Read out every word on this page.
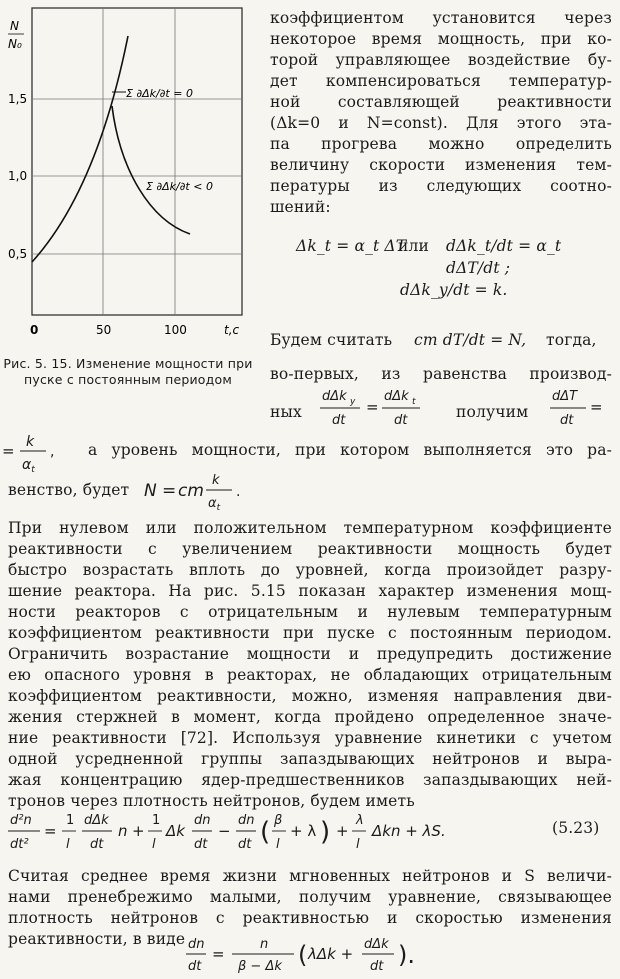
N
N₀
1,5
1,0
0,5
0	50	100	t,c
Σ ∂Δk/∂t = 0
Σ ∂Δk/∂t < 0
Рис. 5. 15. Изменение мощности при пуске с постоянным периодом
коэффициентом установится через
некоторое время мощность, при ко-
торой управляющее воздействие бу-
дет компенсироваться температур-
ной составляющей реактивности
(Δk=0 и N=const). Для этого эта-
па прогрева можно определить
величину скорости изменения тем-
пературы из следующих соотно-
шений:
Δk_t = α_t ΔT
или dΔk_t/dt = α_t dΔT/dt ;
dΔk_y/dt = k.
Будем считать cm dT/dt = N, тогда,
во-первых, из равенства производ-
ных
dΔk y
dt
=
dΔk t
dt
dΔT
dt
=
получим
= k
$\alpha_t$
, а уровень мощности, при котором выполняется это ра-
венство, будет N = cm
k
$\alpha_t$
.
При нулевом или положительном температурном коэффициенте
реактивности с увеличением реактивности мощность будет
быстро возрастать вплоть до уровней, когда произойдет разру-
шение реактора. На рис. 5.15 показан характер изменения мощ-
ности реакторов с отрицательным и нулевым температурным
коэффициентом реактивности при пуске с постоянным периодом.
Ограничить возрастание мощности и предупредить достижение
ею опасного уровня в реакторах, не обладающих отрицательным
коэффициентом реактивности, можно, изменяя направления дви-
жения стержней в момент, когда пройдено определенное значе-
ние реактивности [72]. Используя уравнение кинетики с учетом
одной усредненной группы запаздывающих нейтронов и выра-
жая концентрацию ядер-предшественников запаздывающих ней-
тронов через плотность нейтронов, будем иметь
d²n
dt²
=
1
l
dΔk
dt
n +
1
l
Δk
dn
dt
−
dn
dt ( β
l
+ λ ) +
λ
l
Δkn + λS.	(5.23)
Считая среднее время жизни мгновенных нейтронов и S величи-
нами пренебрежимо малыми, получим уравнение, связывающее
плотность нейтронов с реактивностью и скоростью изменения
реактивности, в виде dn
dt
=
n
β − Δk ( λΔk +
dΔk
dt ).
